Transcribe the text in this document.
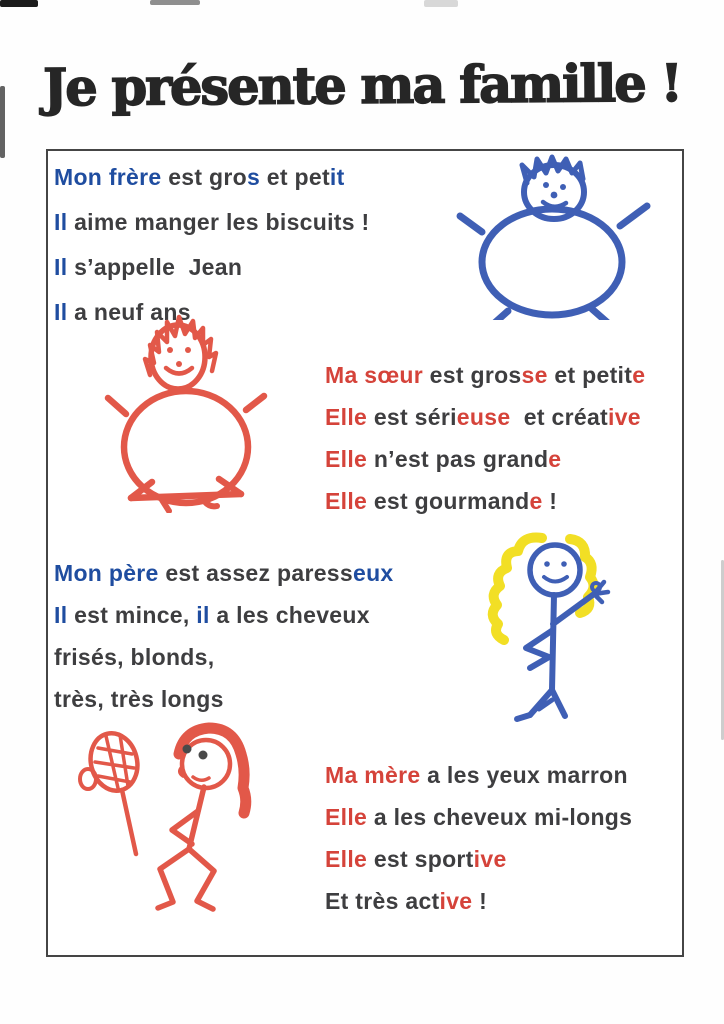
Je présente ma famille !
Mon frère est gros et petit
Il aime manger les biscuits !
Il s’appelle  Jean
Il a neuf ans
Ma sœur est grosse et petite
Elle est sérieuse  et créative
Elle n’est pas grande
Elle est gourmande !
Mon père est assez paresseux
Il est mince, il a les cheveux
frisés, blonds,
très, très longs
Ma mère a les yeux marron
Elle a les cheveux mi-longs
Elle est sportive
Et très active !
